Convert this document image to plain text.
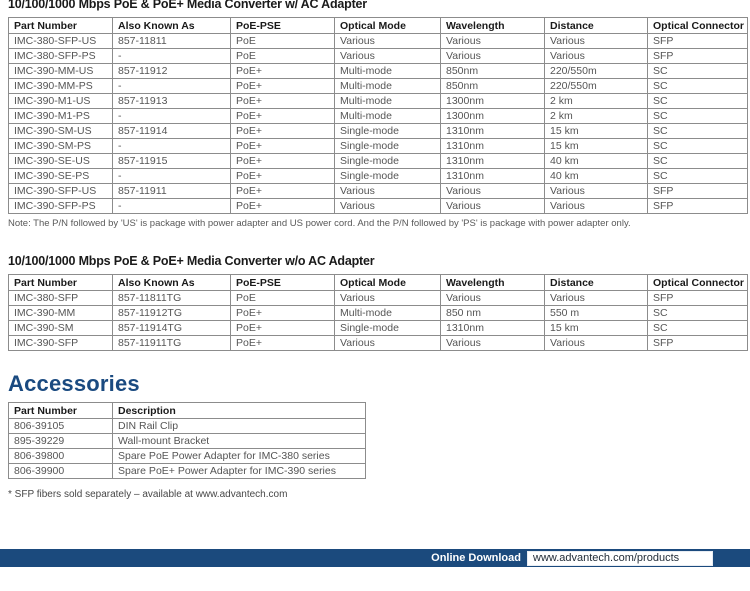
10/100/1000 Mbps PoE & PoE+ Media Converter w/ AC Adapter
Part Number	Also Known As	PoE-PSE	Optical Mode	Wavelength	Distance	Optical Connector
IMC-380-SFP-US	857-11811	PoE	Various	Various	Various	SFP
IMC-380-SFP-PS	-	PoE	Various	Various	Various	SFP
IMC-390-MM-US	857-11912	PoE+	Multi-mode	850nm	220/550m	SC
IMC-390-MM-PS	-	PoE+	Multi-mode	850nm	220/550m	SC
IMC-390-M1-US	857-11913	PoE+	Multi-mode	1300nm	2 km	SC
IMC-390-M1-PS	-	PoE+	Multi-mode	1300nm	2 km	SC
IMC-390-SM-US	857-11914	PoE+	Single-mode	1310nm	15 km	SC
IMC-390-SM-PS	-	PoE+	Single-mode	1310nm	15 km	SC
IMC-390-SE-US	857-11915	PoE+	Single-mode	1310nm	40 km	SC
IMC-390-SE-PS	-	PoE+	Single-mode	1310nm	40 km	SC
IMC-390-SFP-US	857-11911	PoE+	Various	Various	Various	SFP
IMC-390-SFP-PS	-	PoE+	Various	Various	Various	SFP

Note: The P/N followed by 'US' is package with power adapter and US power cord. And the P/N followed by 'PS' is package with power adapter only.

10/100/1000 Mbps PoE & PoE+ Media Converter w/o AC Adapter
Part Number	Also Known As	PoE-PSE	Optical Mode	Wavelength	Distance	Optical Connector
IMC-380-SFP	857-11811TG	PoE	Various	Various	Various	SFP
IMC-390-MM	857-11912TG	PoE+	Multi-mode	850 nm	550 m	SC
IMC-390-SM	857-11914TG	PoE+	Single-mode	1310nm	15 km	SC
IMC-390-SFP	857-11911TG	PoE+	Various	Various	Various	SFP
Accessories
Part Number	Description
806-39105	DIN Rail Clip
895-39229	Wall-mount Bracket
806-39800	Spare PoE Power Adapter for IMC-380 series
806-39900	Spare PoE+ Power Adapter for IMC-390 series

* SFP fibers sold separately – available at www.advantech.com

Online Download www.advantech.com/products
